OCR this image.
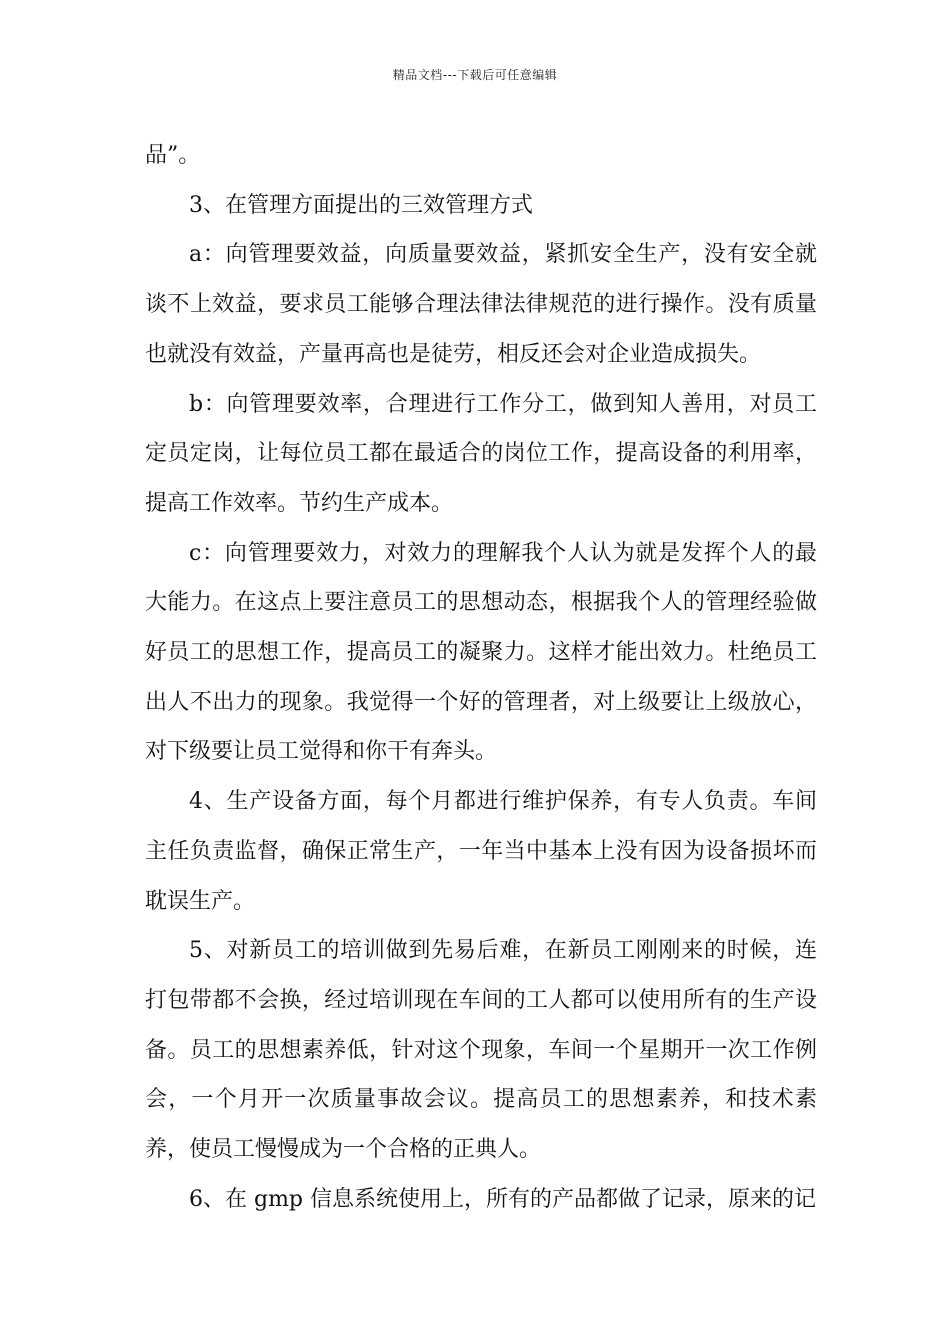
精品文档---下载后可任意编辑

品”。

3、在管理方面提出的三效管理方式

a：向管理要效益，向质量要效益，紧抓安全生产，没有安全就谈不上效益，要求员工能够合理法律法律规范的进行操作。没有质量也就没有效益，产量再高也是徒劳，相反还会对企业造成损失。

b：向管理要效率，合理进行工作分工，做到知人善用，对员工定员定岗，让每位员工都在最适合的岗位工作，提高设备的利用率，提高工作效率。节约生产成本。

c：向管理要效力，对效力的理解我个人认为就是发挥个人的最大能力。在这点上要注意员工的思想动态，根据我个人的管理经验做好员工的思想工作，提高员工的凝聚力。这样才能出效力。杜绝员工出人不出力的现象。我觉得一个好的管理者，对上级要让上级放心，对下级要让员工觉得和你干有奔头。

4、生产设备方面，每个月都进行维护保养，有专人负责。车间主任负责监督，确保正常生产，一年当中基本上没有因为设备损坏而耽误生产。

5、对新员工的培训做到先易后难，在新员工刚刚来的时候，连打包带都不会换，经过培训现在车间的工人都可以使用所有的生产设备。员工的思想素养低，针对这个现象，车间一个星期开一次工作例会，一个月开一次质量事故会议。提高员工的思想素养，和技术素养，使员工慢慢成为一个合格的正典人。

6、在 gmp 信息系统使用上，所有的产品都做了记录，原来的记
